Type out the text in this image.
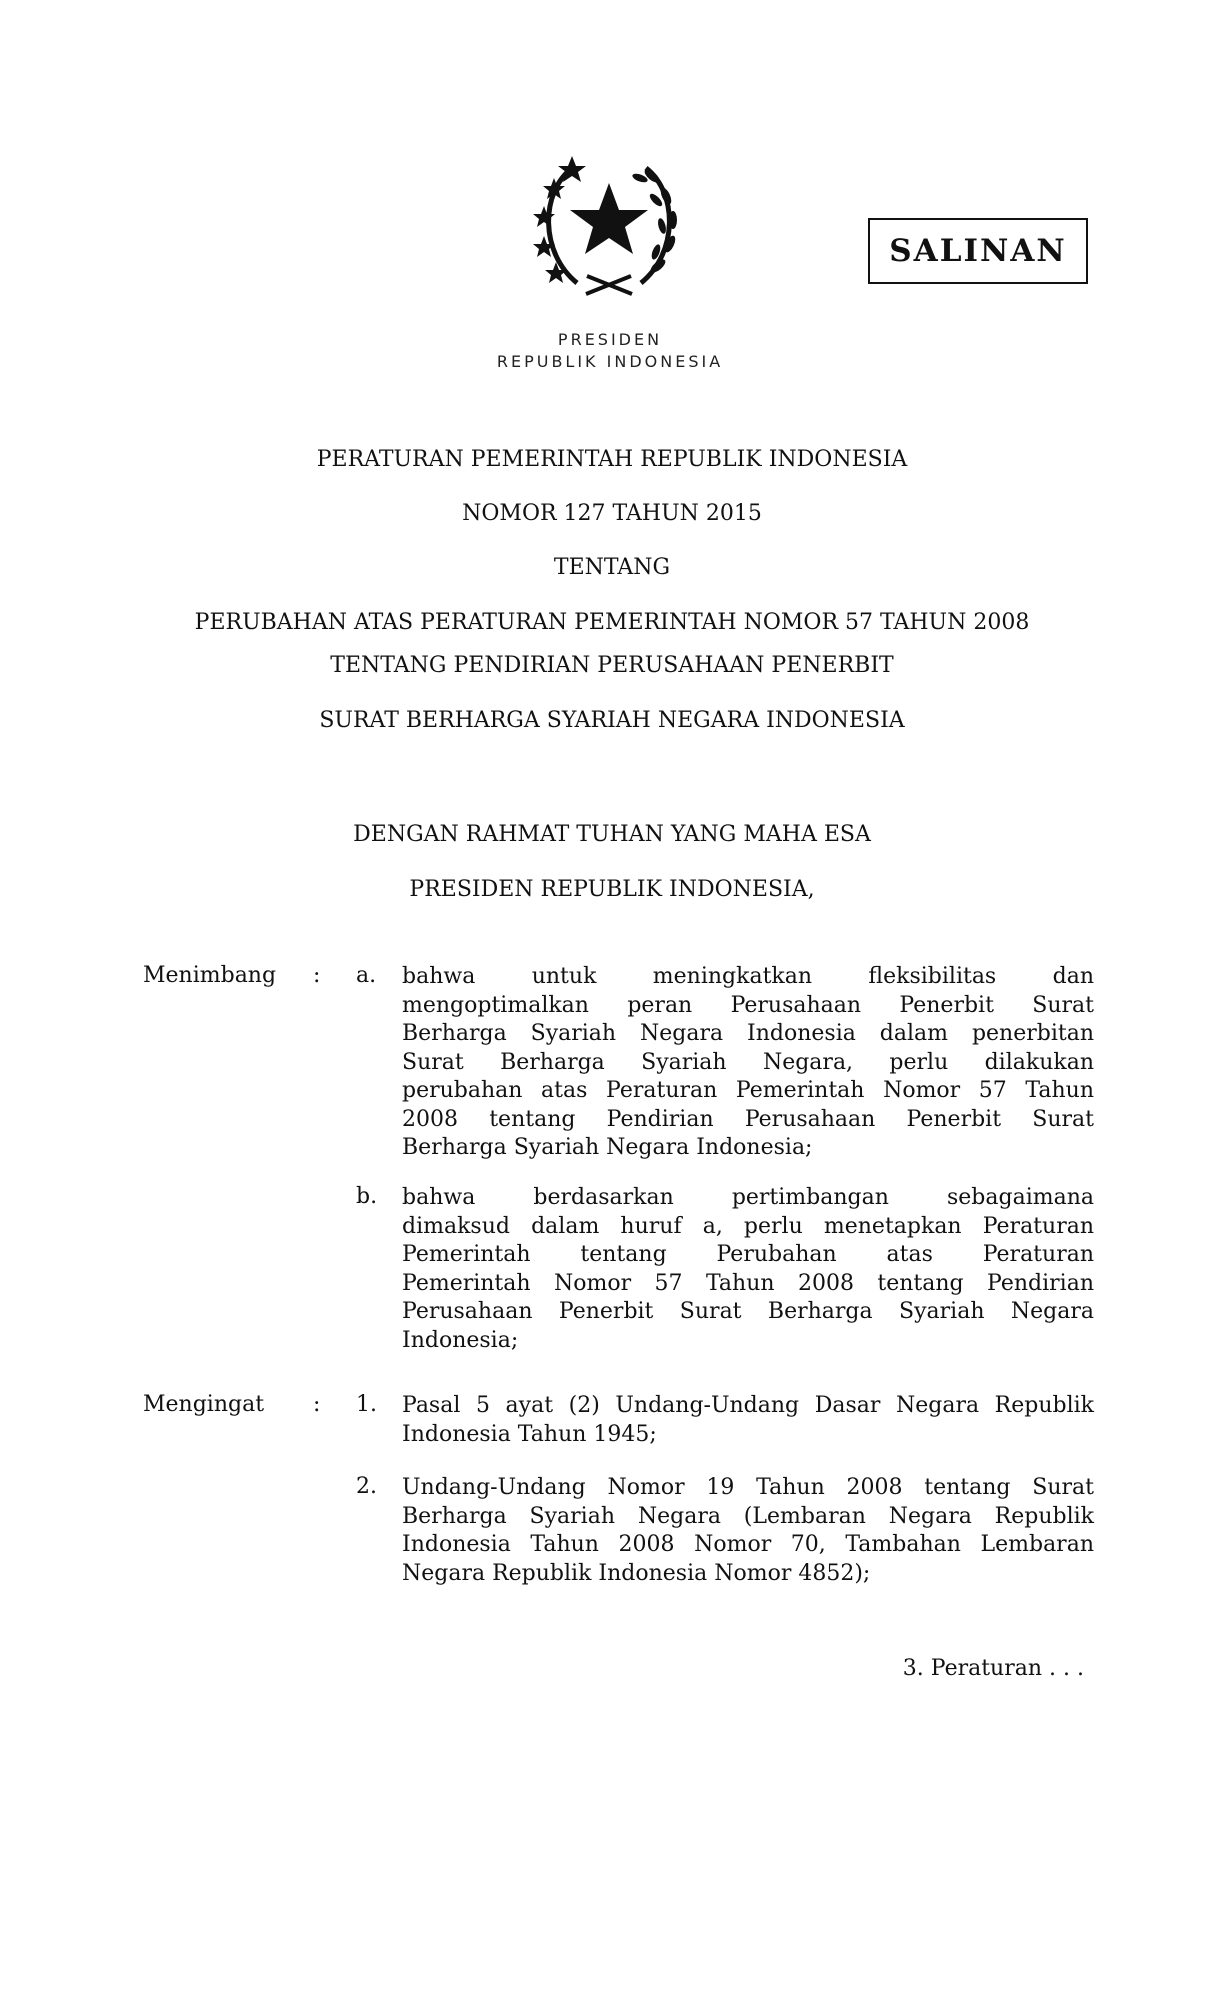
PRESIDEN
REPUBLIK INDONESIA
SALINAN
PERATURAN PEMERINTAH REPUBLIK INDONESIA
NOMOR 127 TAHUN 2015
TENTANG
PERUBAHAN ATAS PERATURAN PEMERINTAH NOMOR 57 TAHUN 2008
TENTANG PENDIRIAN PERUSAHAAN PENERBIT
SURAT BERHARGA SYARIAH NEGARA INDONESIA
DENGAN RAHMAT TUHAN YANG MAHA ESA
PRESIDEN REPUBLIK INDONESIA,
Menimbang : a. bahwa untuk meningkatkan fleksibilitas dan
mengoptimalkan peran Perusahaan Penerbit Surat
Berharga Syariah Negara Indonesia dalam penerbitan
Surat Berharga Syariah Negara, perlu dilakukan
perubahan atas Peraturan Pemerintah Nomor 57 Tahun
2008 tentang Pendirian Perusahaan Penerbit Surat
Berharga Syariah Negara Indonesia;
b. bahwa berdasarkan pertimbangan sebagaimana
dimaksud dalam huruf a, perlu menetapkan Peraturan
Pemerintah tentang Perubahan atas Peraturan
Pemerintah Nomor 57 Tahun 2008 tentang Pendirian
Perusahaan Penerbit Surat Berharga Syariah Negara
Indonesia;
Mengingat : 1. Pasal 5 ayat (2) Undang-Undang Dasar Negara Republik
Indonesia Tahun 1945;
2. Undang-Undang Nomor 19 Tahun 2008 tentang Surat
Berharga Syariah Negara (Lembaran Negara Republik
Indonesia Tahun 2008 Nomor 70, Tambahan Lembaran
Negara Republik Indonesia Nomor 4852);
3. Peraturan . . .
